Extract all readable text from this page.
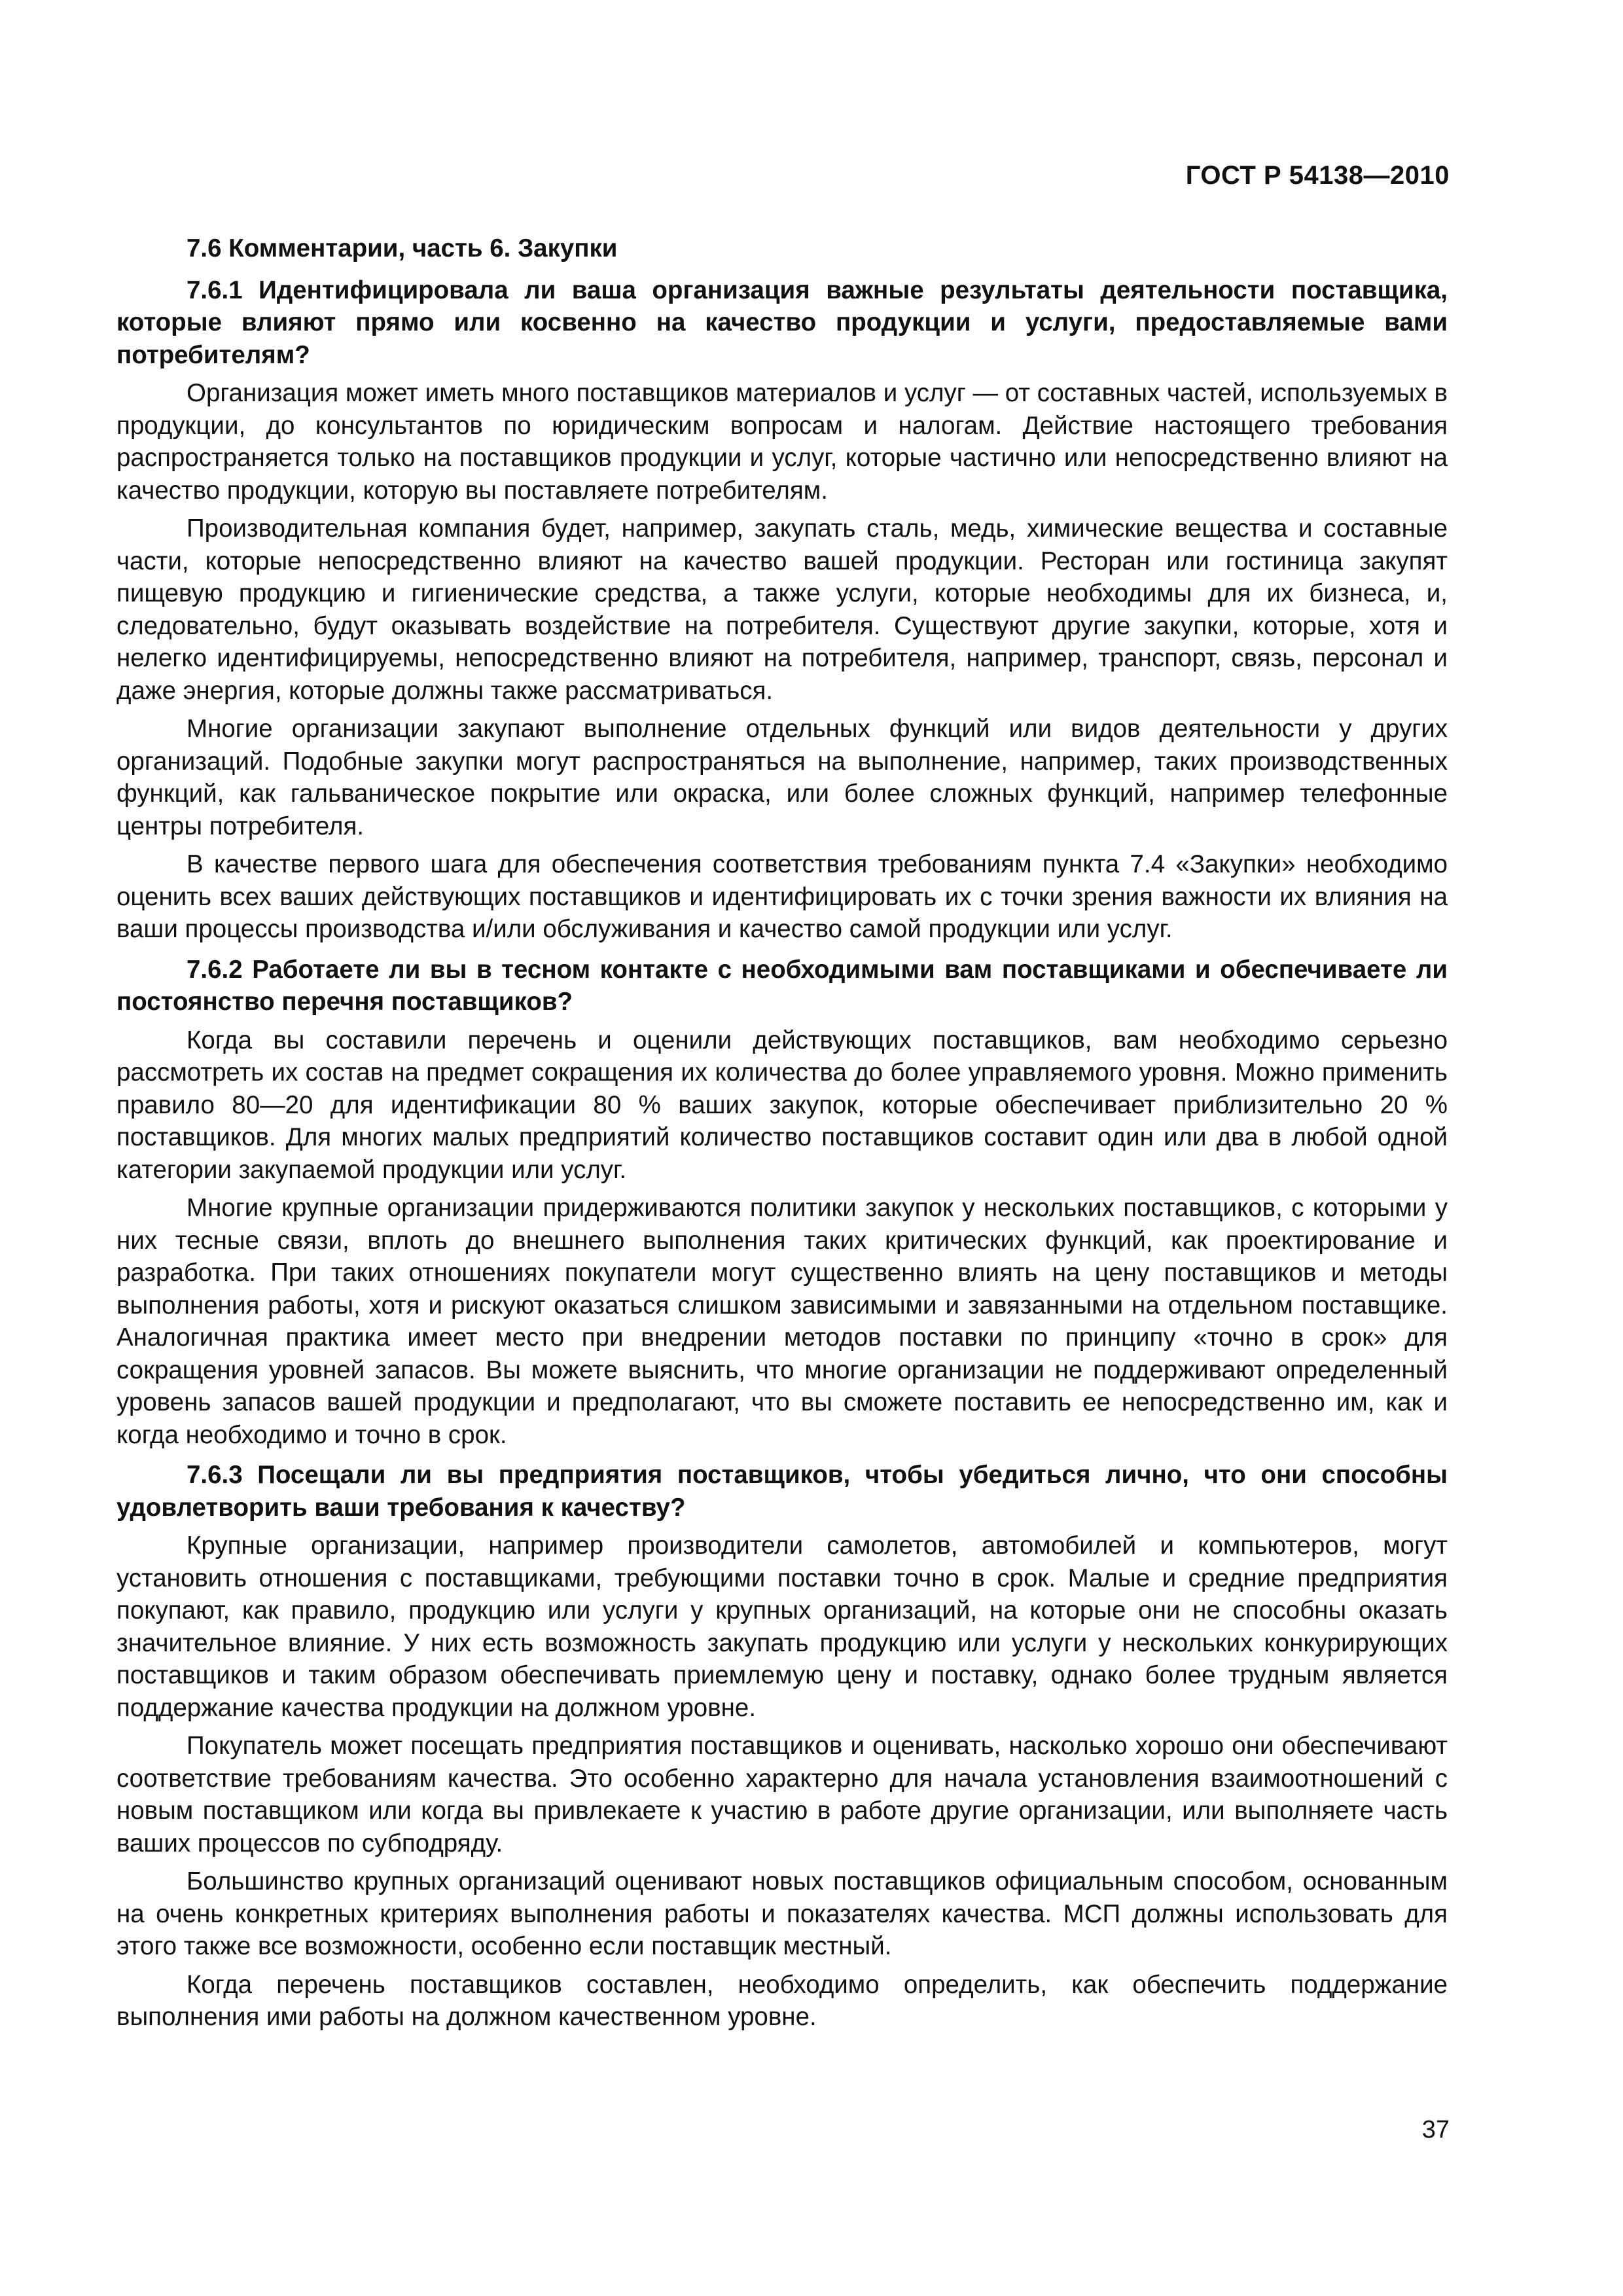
ГОСТ Р 54138—2010

7.6 Комментарии, часть 6. Закупки

7.6.1 Идентифицировала ли ваша организация важные результаты деятельности поставщика, которые влияют прямо или косвенно на качество продукции и услуги, предоставляемые вами потребителям?

Организация может иметь много поставщиков материалов и услуг — от составных частей, используемых в продукции, до консультантов по юридическим вопросам и налогам. Действие настоящего требования распространяется только на поставщиков продукции и услуг, которые частично или непосредственно влияют на качество продукции, которую вы поставляете потребителям.

Производительная компания будет, например, закупать сталь, медь, химические вещества и составные части, которые непосредственно влияют на качество вашей продукции. Ресторан или гостиница закупят пищевую продукцию и гигиенические средства, а также услуги, которые необходимы для их бизнеса, и, следовательно, будут оказывать воздействие на потребителя. Существуют другие закупки, которые, хотя и нелегко идентифицируемы, непосредственно влияют на потребителя, например, транспорт, связь, персонал и даже энергия, которые должны также рассматриваться.

Многие организации закупают выполнение отдельных функций или видов деятельности у других организаций. Подобные закупки могут распространяться на выполнение, например, таких производственных функций, как гальваническое покрытие или окраска, или более сложных функций, например телефонные центры потребителя.

В качестве первого шага для обеспечения соответствия требованиям пункта 7.4 «Закупки» необходимо оценить всех ваших действующих поставщиков и идентифицировать их с точки зрения важности их влияния на ваши процессы производства и/или обслуживания и качество самой продукции или услуг.

7.6.2 Работаете ли вы в тесном контакте с необходимыми вам поставщиками и обеспечиваете ли постоянство перечня поставщиков?

Когда вы составили перечень и оценили действующих поставщиков, вам необходимо серьезно рассмотреть их состав на предмет сокращения их количества до более управляемого уровня. Можно применить правило 80—20 для идентификации 80 % ваших закупок, которые обеспечивает приблизительно 20 % поставщиков. Для многих малых предприятий количество поставщиков составит один или два в любой одной категории закупаемой продукции или услуг.

Многие крупные организации придерживаются политики закупок у нескольких поставщиков, с которыми у них тесные связи, вплоть до внешнего выполнения таких критических функций, как проектирование и разработка. При таких отношениях покупатели могут существенно влиять на цену поставщиков и методы выполнения работы, хотя и рискуют оказаться слишком зависимыми и завязанными на отдельном поставщике. Аналогичная практика имеет место при внедрении методов поставки по принципу «точно в срок» для сокращения уровней запасов. Вы можете выяснить, что многие организации не поддерживают определенный уровень запасов вашей продукции и предполагают, что вы сможете поставить ее непосредственно им, как и когда необходимо и точно в срок.

7.6.3 Посещали ли вы предприятия поставщиков, чтобы убедиться лично, что они способны удовлетворить ваши требования к качеству?

Крупные организации, например производители самолетов, автомобилей и компьютеров, могут установить отношения с поставщиками, требующими поставки точно в срок. Малые и средние предприятия покупают, как правило, продукцию или услуги у крупных организаций, на которые они не способны оказать значительное влияние. У них есть возможность закупать продукцию или услуги у нескольких конкурирующих поставщиков и таким образом обеспечивать приемлемую цену и поставку, однако более трудным является поддержание качества продукции на должном уровне.

Покупатель может посещать предприятия поставщиков и оценивать, насколько хорошо они обеспечивают соответствие требованиям качества. Это особенно характерно для начала установления взаимоотношений с новым поставщиком или когда вы привлекаете к участию в работе другие организации, или выполняете часть ваших процессов по субподряду.

Большинство крупных организаций оценивают новых поставщиков официальным способом, основанным на очень конкретных критериях выполнения работы и показателях качества. МСП должны использовать для этого также все возможности, особенно если поставщик местный.

Когда перечень поставщиков составлен, необходимо определить, как обеспечить поддержание выполнения ими работы на должном качественном уровне.

37
